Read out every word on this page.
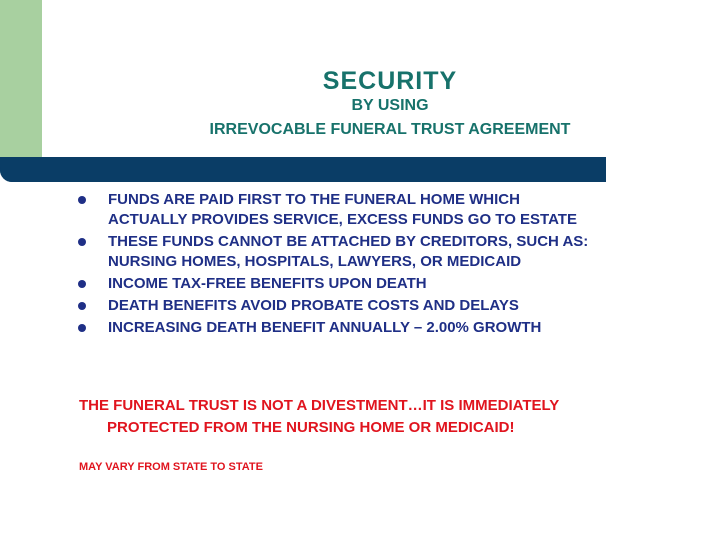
SECURITY
BY USING
IRREVOCABLE FUNERAL TRUST AGREEMENT
FUNDS ARE PAID FIRST TO THE FUNERAL HOME WHICH
ACTUALLY PROVIDES SERVICE, EXCESS FUNDS GO TO ESTATE
THESE FUNDS CANNOT BE ATTACHED BY CREDITORS, SUCH AS:
NURSING HOMES, HOSPITALS, LAWYERS, OR MEDICAID
INCOME TAX-FREE BENEFITS UPON DEATH
DEATH BENEFITS AVOID PROBATE COSTS AND DELAYS
INCREASING DEATH BENEFIT ANNUALLY – 2.00% GROWTH
THE FUNERAL TRUST IS NOT A DIVESTMENT…IT IS IMMEDIATELY
PROTECTED FROM THE NURSING HOME OR MEDICAID!
MAY VARY FROM STATE TO STATE
